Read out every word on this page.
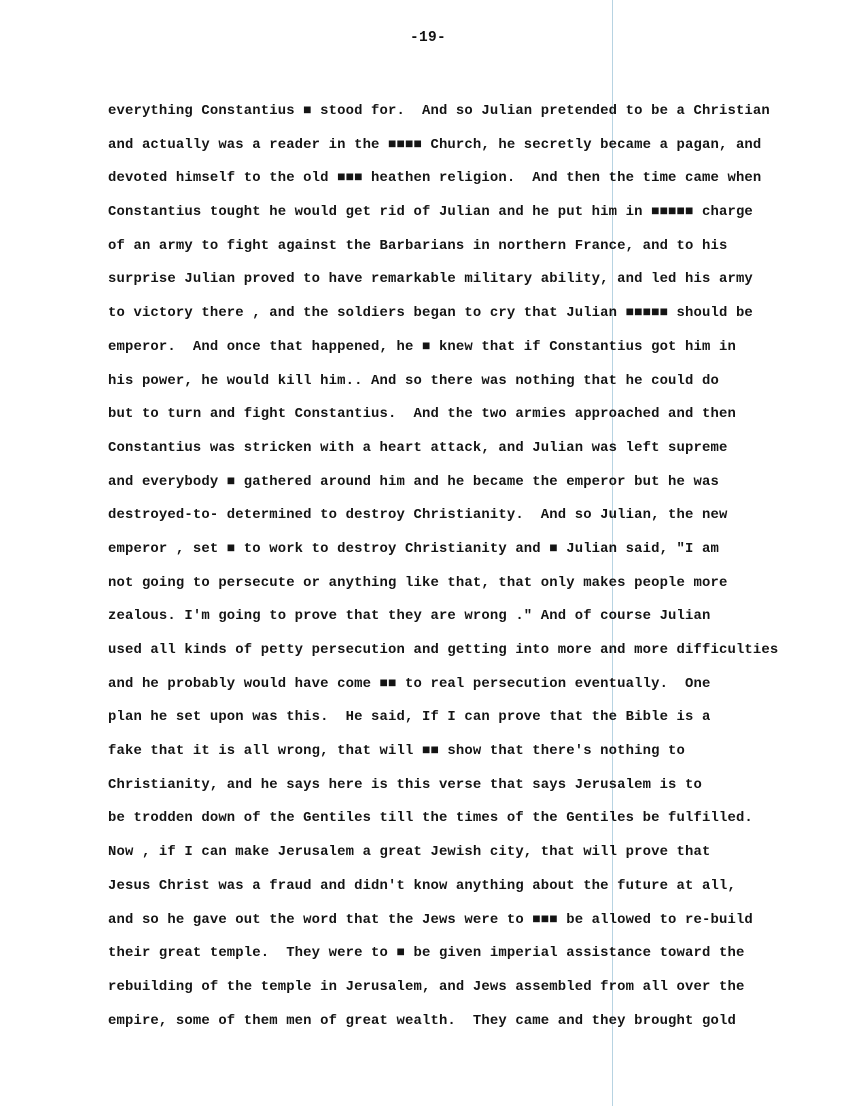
-19-
everything Constantius ■ stood for.  And so Julian pretended to be a Christian
and actually was a reader in the ■■■■ Church, he secretly became a pagan, and
devoted himself to the old ■■■ heathen religion.  And then the time came when
Constantius tought he would get rid of Julian and he put him in ■■■■■ charge
of an army to fight against the Barbarians in northern France, and to his
surprise Julian proved to have remarkable military ability, and led his army
to victory there , and the soldiers began to cry that Julian ■■■■■ should be
emperor.  And once that happened, he ■ knew that if Constantius got him in
his power, he would kill him.. And so there was nothing that he could do
but to turn and fight Constantius.  And the two armies approached and then
Constantius was stricken with a heart attack, and Julian was left supreme
and everybody ■ gathered around him and he became the emperor but he was
destroyed-to- determined to destroy Christianity.  And so Julian, the new
emperor , set ■ to work to destroy Christianity and ■ Julian said, "I am
not going to persecute or anything like that, that only makes people more
zealous. I'm going to prove that they are wrong ." And of course Julian
used all kinds of petty persecution and getting into more and more difficulties
and he probably would have come ■■ to real persecution eventually.  One
plan he set upon was this.  He said, If I can prove that the Bible is a
fake that it is all wrong, that will ■■ show that there's nothing to
Christianity, and he says here is this verse that says Jerusalem is to
be trodden down of the Gentiles till the times of the Gentiles be fulfilled.
Now , if I can make Jerusalem a great Jewish city, that will prove that
Jesus Christ was a fraud and didn't know anything about the future at all,
and so he gave out the word that the Jews were to ■■■ be allowed to re-build
their great temple.  They were to ■ be given imperial assistance toward the
rebuilding of the temple in Jerusalem, and Jews assembled from all over the
empire, some of them men of great wealth.  They came and they brought gold
